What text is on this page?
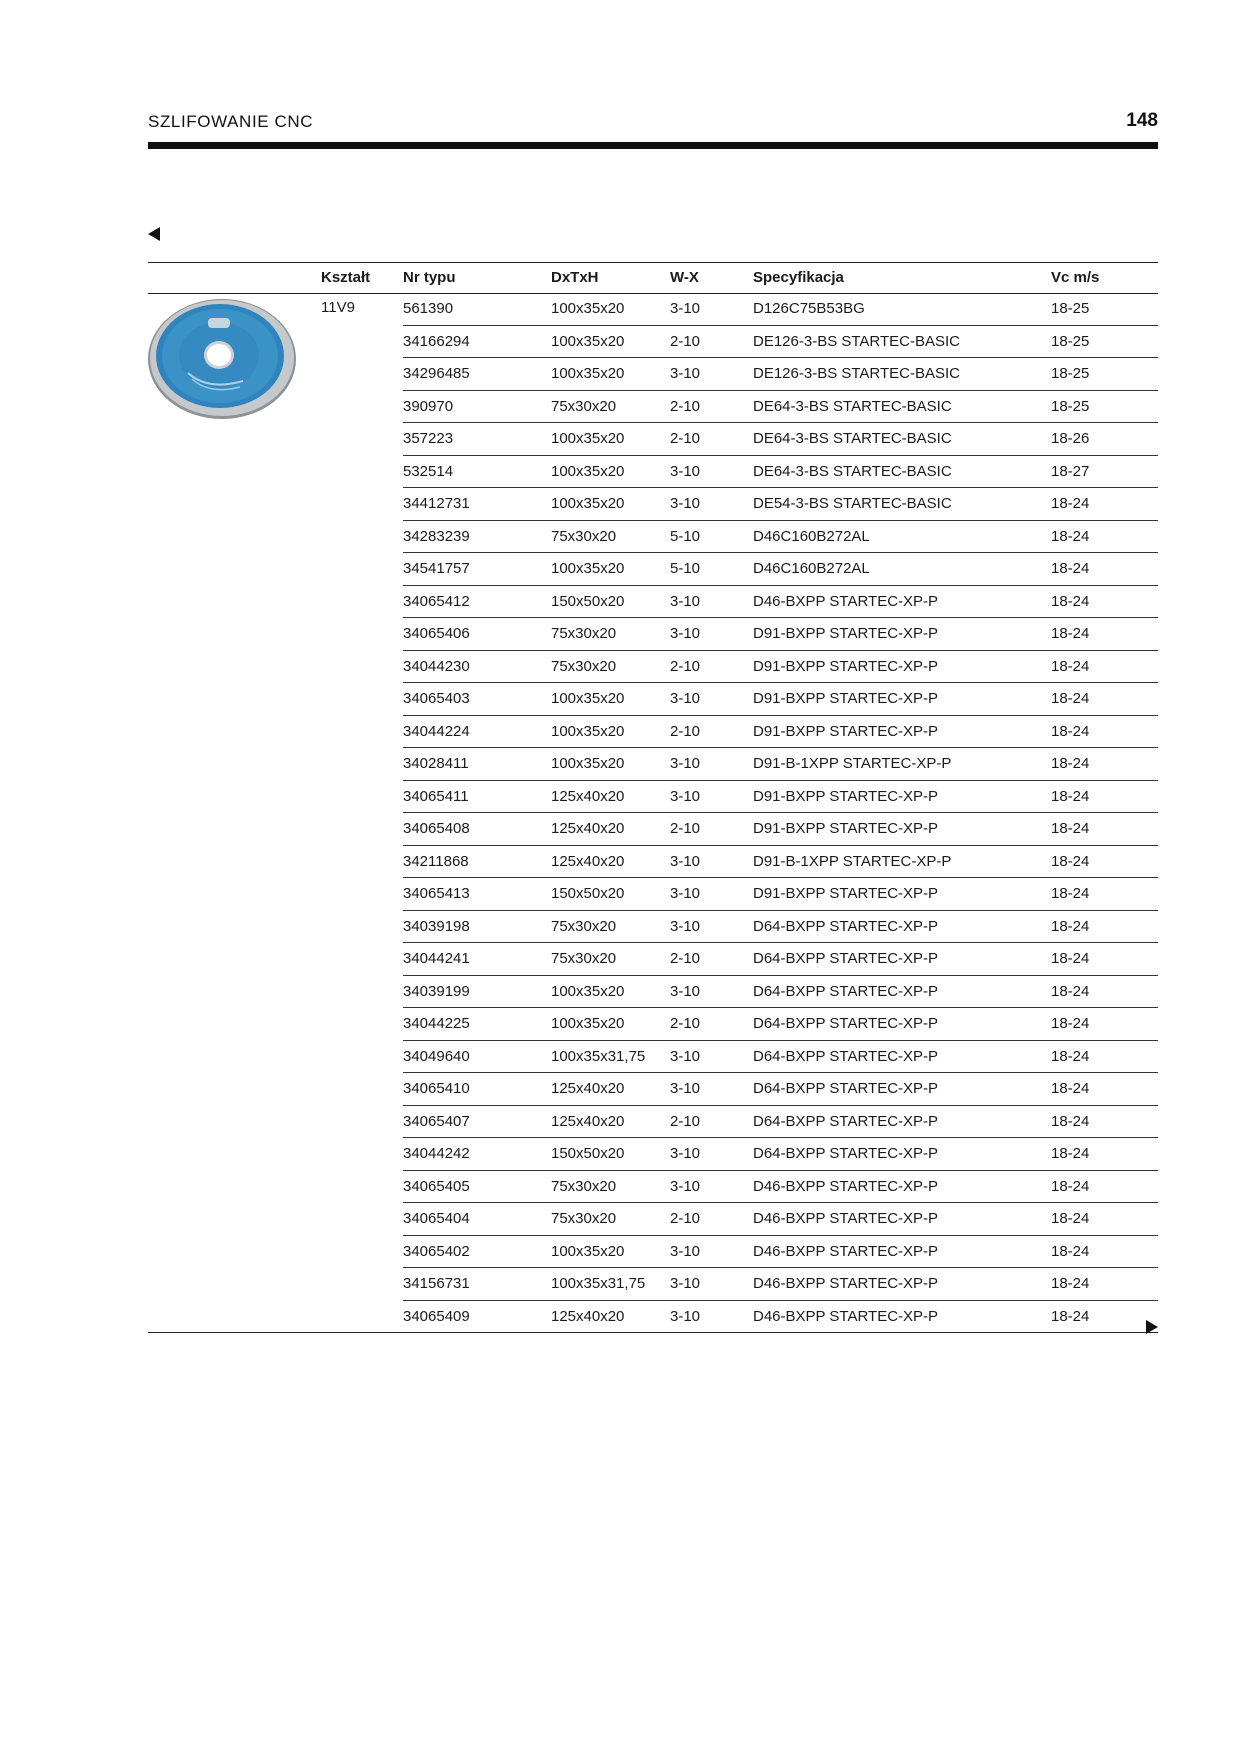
SZLIFOWANIE CNC	148
Kształt Nr typu	DxTxH	W-X	Specyfikacja	Vc m/s
11V9	561390	100x35x20	3-10	D126C75B53BG	18-25
34166294	100x35x20	2-10	DE126-3-BS STARTEC-BASIC	18-25
34296485	100x35x20	3-10	DE126-3-BS STARTEC-BASIC	18-25
390970	75x30x20	2-10	DE64-3-BS STARTEC-BASIC	18-25
357223	100x35x20	2-10	DE64-3-BS STARTEC-BASIC	18-26
532514	100x35x20	3-10	DE64-3-BS STARTEC-BASIC	18-27
34412731	100x35x20	3-10	DE54-3-BS STARTEC-BASIC	18-24
34283239	75x30x20	5-10	D46C160B272AL	18-24
34541757	100x35x20	5-10	D46C160B272AL	18-24
34065412	150x50x20	3-10	D46-BXPP STARTEC-XP-P	18-24
34065406	75x30x20	3-10	D91-BXPP STARTEC-XP-P	18-24
34044230	75x30x20	2-10	D91-BXPP STARTEC-XP-P	18-24
34065403	100x35x20	3-10	D91-BXPP STARTEC-XP-P	18-24
34044224	100x35x20	2-10	D91-BXPP STARTEC-XP-P	18-24
34028411	100x35x20	3-10	D91-B-1XPP STARTEC-XP-P	18-24
34065411	125x40x20	3-10	D91-BXPP STARTEC-XP-P	18-24
34065408	125x40x20	2-10	D91-BXPP STARTEC-XP-P	18-24
34211868	125x40x20	3-10	D91-B-1XPP STARTEC-XP-P	18-24
34065413	150x50x20	3-10	D91-BXPP STARTEC-XP-P	18-24
34039198	75x30x20	3-10	D64-BXPP STARTEC-XP-P	18-24
34044241	75x30x20	2-10	D64-BXPP STARTEC-XP-P	18-24
34039199	100x35x20	3-10	D64-BXPP STARTEC-XP-P	18-24
34044225	100x35x20	2-10	D64-BXPP STARTEC-XP-P	18-24
34049640	100x35x31,75 3-10	D64-BXPP STARTEC-XP-P	18-24
34065410	125x40x20	3-10	D64-BXPP STARTEC-XP-P	18-24
34065407	125x40x20	2-10	D64-BXPP STARTEC-XP-P	18-24
34044242	150x50x20	3-10	D64-BXPP STARTEC-XP-P	18-24
34065405	75x30x20	3-10	D46-BXPP STARTEC-XP-P	18-24
34065404	75x30x20	2-10	D46-BXPP STARTEC-XP-P	18-24
34065402	100x35x20	3-10	D46-BXPP STARTEC-XP-P	18-24
34156731	100x35x31,75 3-10	D46-BXPP STARTEC-XP-P	18-24
34065409	125x40x20	3-10	D46-BXPP STARTEC-XP-P	18-24
